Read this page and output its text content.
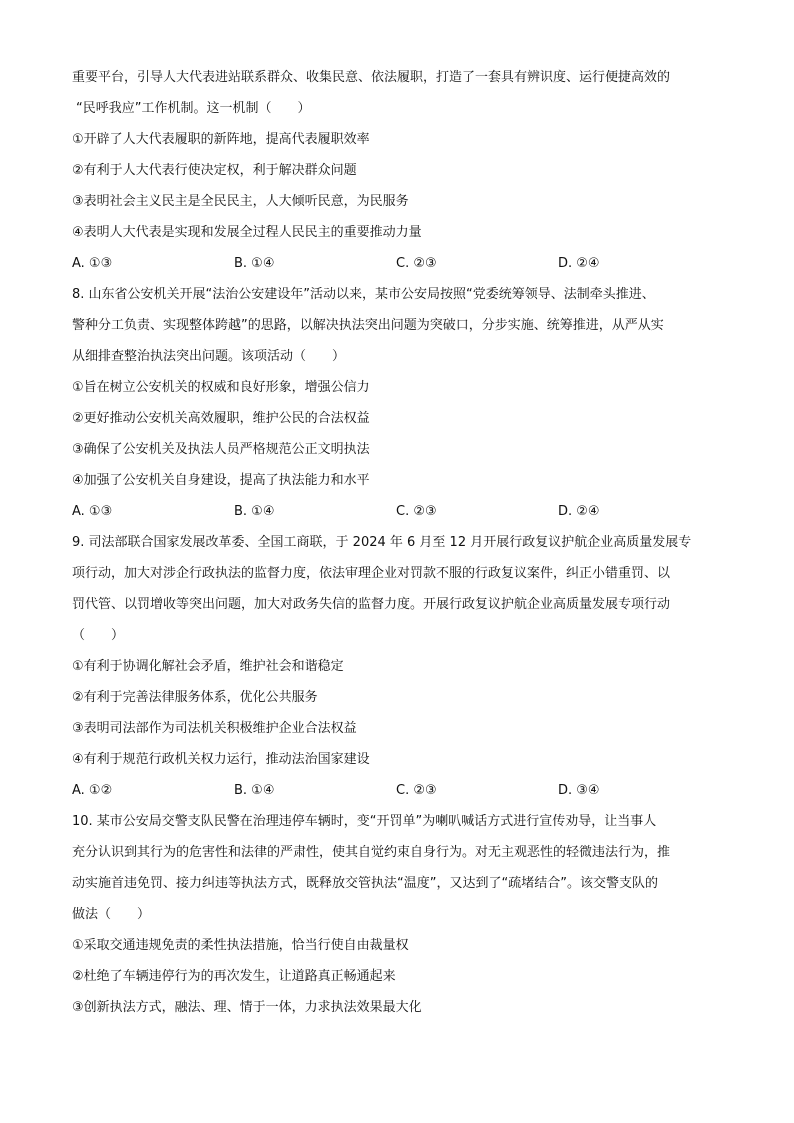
重要平台，引导人大代表进站联系群众、收集民意、依法履职，打造了一套具有辨识度、运行便捷高效的
“民呼我应”工作机制。这一机制（　　）
①开辟了人大代表履职的新阵地，提高代表履职效率
②有利于人大代表行使决定权，利于解决群众问题
③表明社会主义民主是全民民主，人大倾听民意，为民服务
④表明人大代表是实现和发展全过程人民民主的重要推动力量
A. ①③	B. ①④	C. ②③	D. ②④
8. 山东省公安机关开展“法治公安建设年”活动以来，某市公安局按照“党委统筹领导、法制牵头推进、
警种分工负责、实现整体跨越”的思路，以解决执法突出问题为突破口，分步实施、统筹推进，从严从实
从细排查整治执法突出问题。该项活动（　　）
①旨在树立公安机关的权威和良好形象，增强公信力
②更好推动公安机关高效履职，维护公民的合法权益
③确保了公安机关及执法人员严格规范公正文明执法
④加强了公安机关自身建设，提高了执法能力和水平
A. ①③	B. ①④	C. ②③	D. ②④
9. 司法部联合国家发展改革委、全国工商联，于 2024 年 6 月至 12 月开展行政复议护航企业高质量发展专
项行动，加大对涉企行政执法的监督力度，依法审理企业对罚款不服的行政复议案件，纠正小错重罚、以
罚代管、以罚增收等突出问题，加大对政务失信的监督力度。开展行政复议护航企业高质量发展专项行动
（　　）
①有利于协调化解社会矛盾，维护社会和谐稳定
②有利于完善法律服务体系，优化公共服务
③表明司法部作为司法机关积极维护企业合法权益
④有利于规范行政机关权力运行，推动法治国家建设
A. ①②	B. ①④	C. ②③	D. ③④
10. 某市公安局交警支队民警在治理违停车辆时，变“开罚单”为喇叭喊话方式进行宣传劝导，让当事人
充分认识到其行为的危害性和法律的严肃性，使其自觉约束自身行为。对无主观恶性的轻微违法行为，推
动实施首违免罚、接力纠违等执法方式，既释放交管执法“温度”，又达到了“疏堵结合”。该交警支队的
做法（　　）
①采取交通违规免责的柔性执法措施，恰当行使自由裁量权
②杜绝了车辆违停行为的再次发生，让道路真正畅通起来
③创新执法方式，融法、理、情于一体，力求执法效果最大化
